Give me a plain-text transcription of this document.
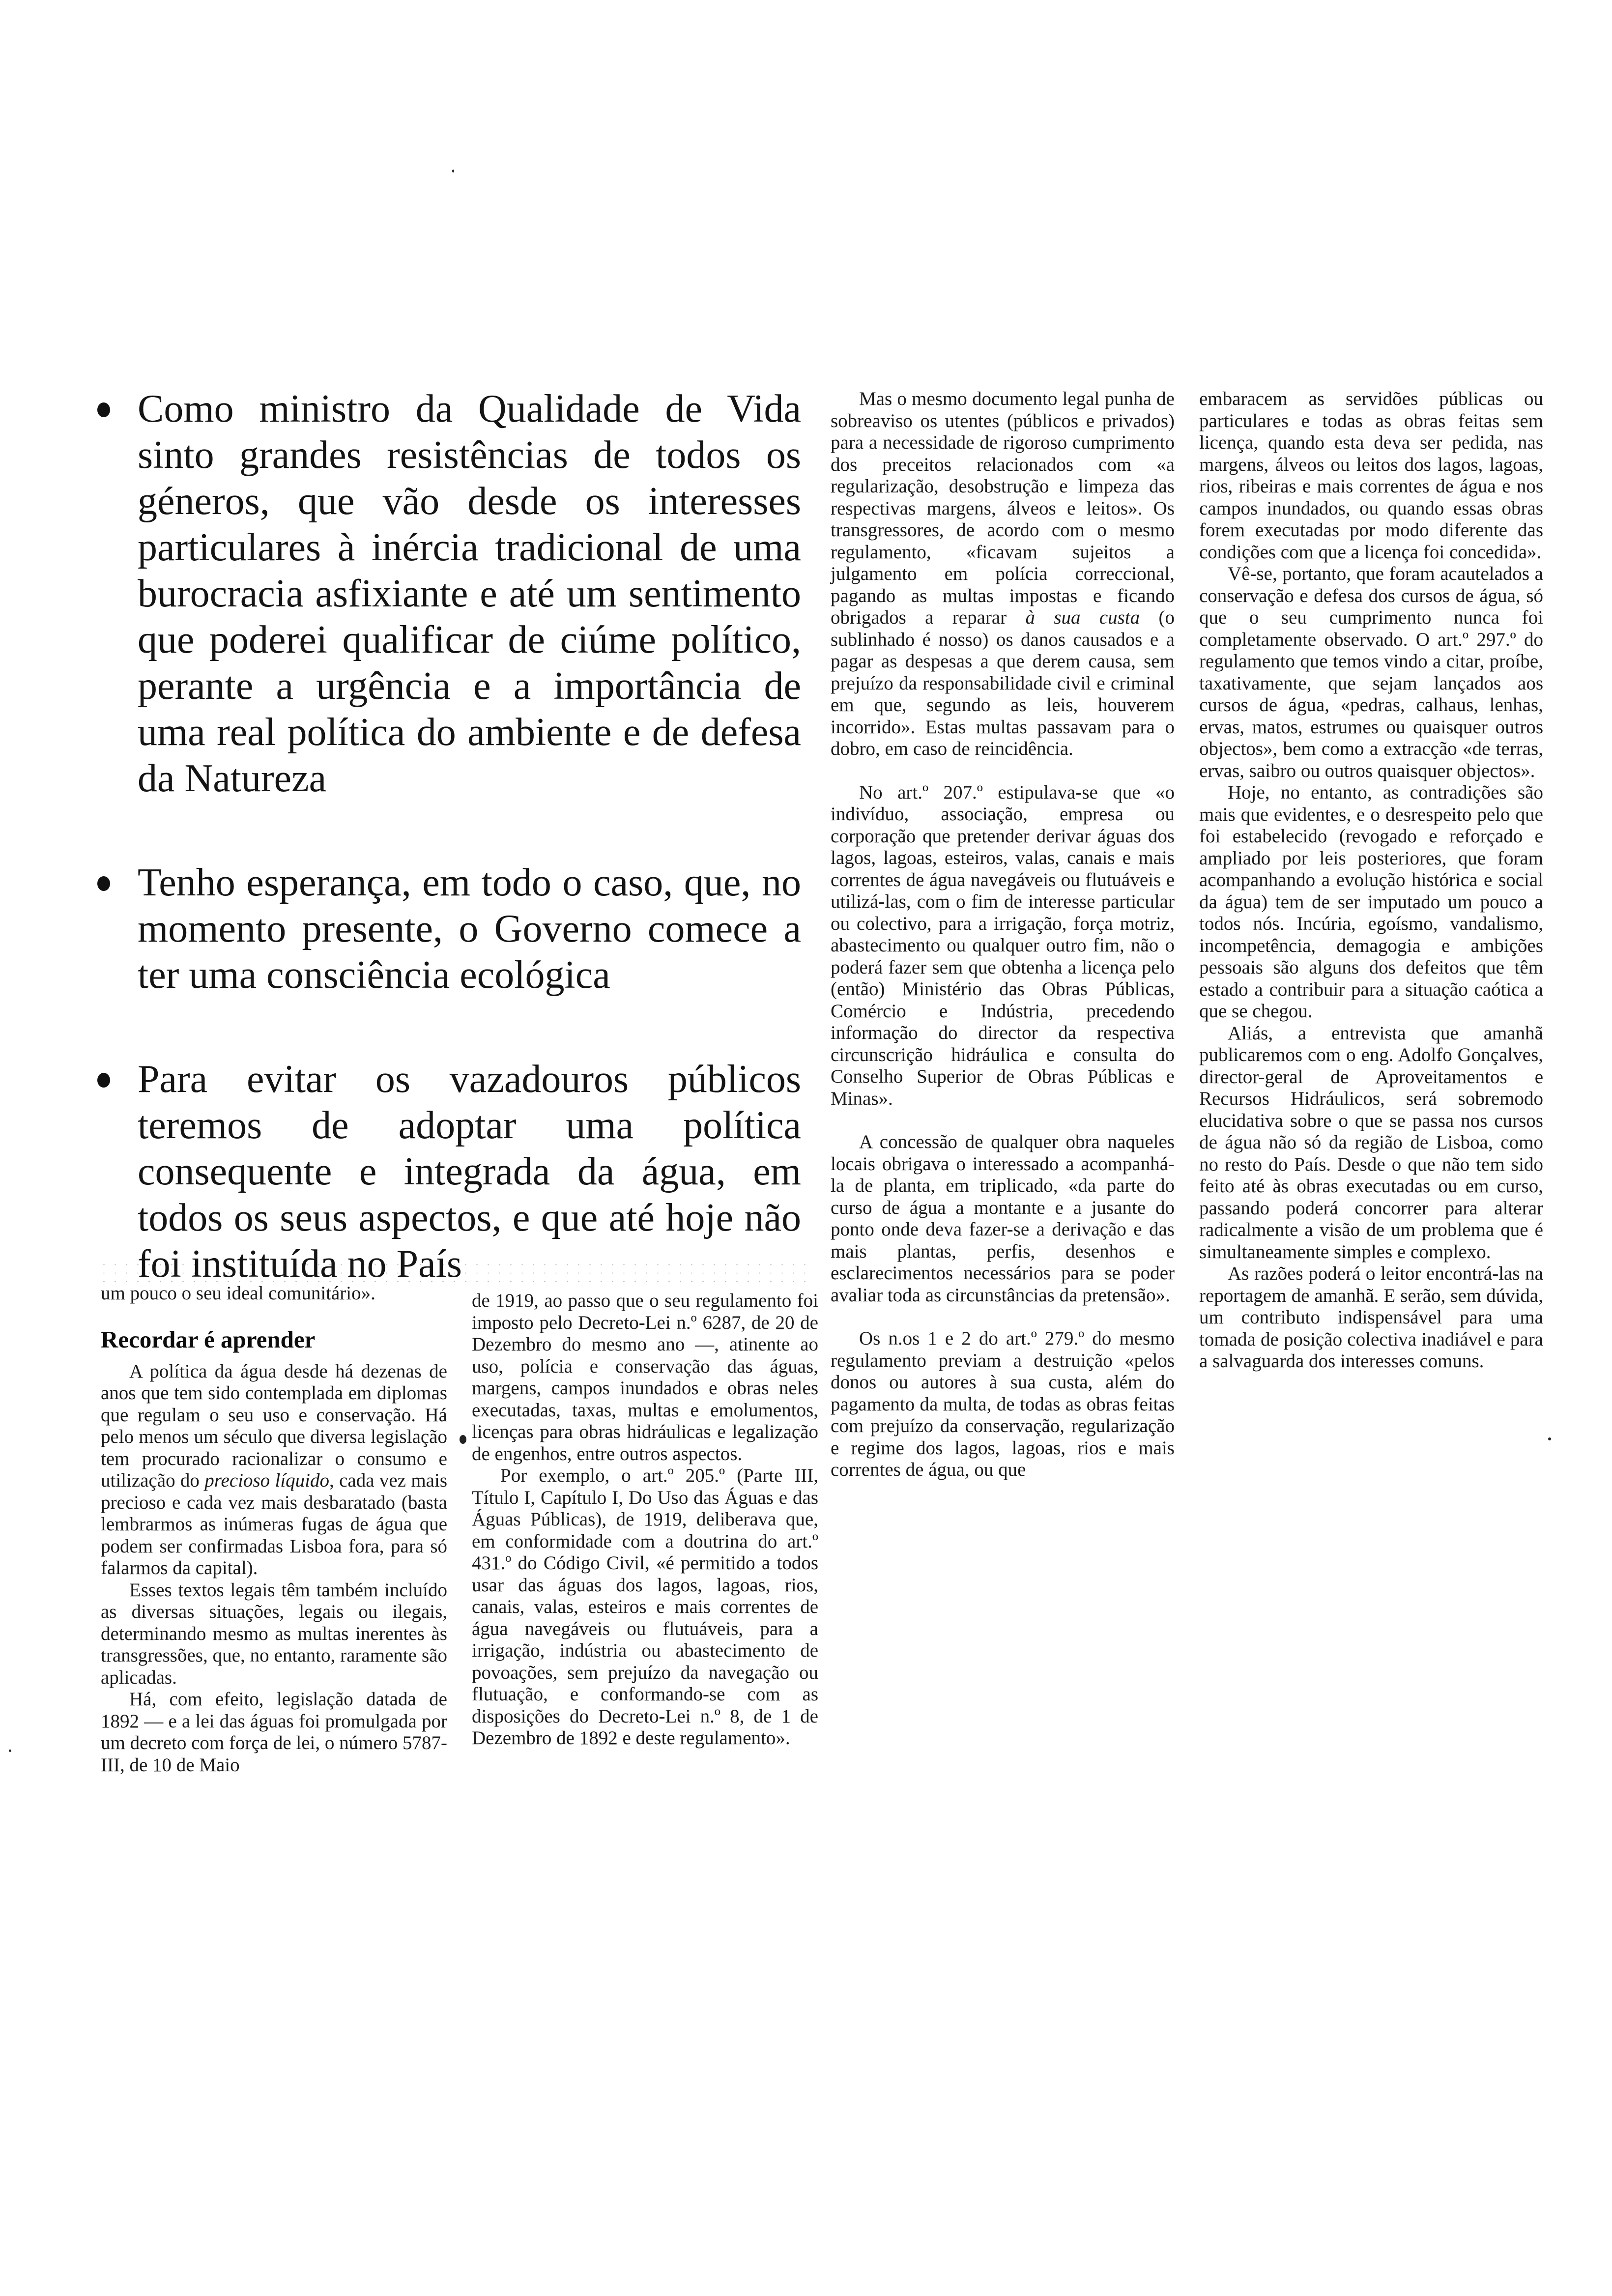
Como ministro da Qualidade de Vida sinto grandes resistências de todos os géneros, que vão desde os interesses particulares à inércia tradicional de uma burocracia asfixiante e até um sentimento que poderei qualificar de ciúme político, perante a urgência e a importância de uma real política do ambiente e de defesa da Natureza
Tenho esperança, em todo o caso, que, no momento presente, o Governo comece a ter uma consciência ecológica
Para evitar os vazadouros públicos teremos de adoptar uma política consequente e integrada da água, em todos os seus aspectos, e que até hoje não foi instituída no País

um pouco o seu ideal comunitário».

Recordar é aprender

A política da água desde há dezenas de anos que tem sido contemplada em diplomas que regulam o seu uso e conservação. Há pelo menos um século que diversa legislação tem procurado racionalizar o consumo e utilização do precioso líquido, cada vez mais precioso e cada vez mais desbaratado (basta lembrarmos as inúmeras fugas de água que podem ser confirmadas Lisboa fora, para só falarmos da capital).

Esses textos legais têm também incluído as diversas situações, legais ou ilegais, determinando mesmo as multas inerentes às transgressões, que, no entanto, raramente são aplicadas.

Há, com efeito, legislação datada de 1892 — e a lei das águas foi promulgada por um decreto com força de lei, o número 5787-III, de 10 de Maio

de 1919, ao passo que o seu regulamento foi imposto pelo Decreto-Lei n.º 6287, de 20 de Dezembro do mesmo ano —, atinente ao uso, polícia e conservação das águas, margens, campos inundados e obras neles executadas, taxas, multas e emolumentos, licenças para obras hidráulicas e legalização de engenhos, entre outros aspectos.

Por exemplo, o art.º 205.º (Parte III, Título I, Capítulo I, Do Uso das Águas e das Águas Públicas), de 1919, deliberava que, em conformidade com a doutrina do art.º 431.º do Código Civil, «é permitido a todos usar das águas dos lagos, lagoas, rios, canais, valas, esteiros e mais correntes de água navegáveis ou flutuáveis, para a irrigação, indústria ou abastecimento de povoações, sem prejuízo da navegação ou flutuação, e conformando-se com as disposições do Decreto-Lei n.º 8, de 1 de Dezembro de 1892 e deste regulamento».

Mas o mesmo documento legal punha de sobreaviso os utentes (públicos e privados) para a necessidade de rigoroso cumprimento dos preceitos relacionados com «a regularização, desobstrução e limpeza das respectivas margens, álveos e leitos». Os transgressores, de acordo com o mesmo regulamento, «ficavam sujeitos a julgamento em polícia correccional, pagando as multas impostas e ficando obrigados a reparar à sua custa (o sublinhado é nosso) os danos causados e a pagar as despesas a que derem causa, sem prejuízo da responsabilidade civil e criminal em que, segundo as leis, houverem incorrido». Estas multas passavam para o dobro, em caso de reincidência.

No art.º 207.º estipulava-se que «o indivíduo, associação, empresa ou corporação que pretender derivar águas dos lagos, lagoas, esteiros, valas, canais e mais correntes de água navegáveis ou flutuáveis e utilizá-las, com o fim de interesse particular ou colectivo, para a irrigação, força motriz, abastecimento ou qualquer outro fim, não o poderá fazer sem que obtenha a licença pelo (então) Ministério das Obras Públicas, Comércio e Indústria, precedendo informação do director da respectiva circunscrição hidráulica e consulta do Conselho Superior de Obras Públicas e Minas».

A concessão de qualquer obra naqueles locais obrigava o interessado a acompanhá-la de planta, em triplicado, «da parte do curso de água a montante e a jusante do ponto onde deva fazer-se a derivação e das mais plantas, perfis, desenhos e esclarecimentos necessários para se poder avaliar toda as circunstâncias da pretensão».

Os n.os 1 e 2 do art.º 279.º do mesmo regulamento previam a destruição «pelos donos ou autores à sua custa, além do pagamento da multa, de todas as obras feitas com prejuízo da conservação, regularização e regime dos lagos, lagoas, rios e mais correntes de água, ou que

embaracem as servidões públicas ou particulares e todas as obras feitas sem licença, quando esta deva ser pedida, nas margens, álveos ou leitos dos lagos, lagoas, rios, ribeiras e mais correntes de água e nos campos inundados, ou quando essas obras forem executadas por modo diferente das condições com que a licença foi concedida».

Vê-se, portanto, que foram acautelados a conservação e defesa dos cursos de água, só que o seu cumprimento nunca foi completamente observado. O art.º 297.º do regulamento que temos vindo a citar, proíbe, taxativamente, que sejam lançados aos cursos de água, «pedras, calhaus, lenhas, ervas, matos, estrumes ou quaisquer outros objectos», bem como a extracção «de terras, ervas, saibro ou outros quaisquer objectos».

Hoje, no entanto, as contradições são mais que evidentes, e o desrespeito pelo que foi estabelecido (revogado e reforçado e ampliado por leis posteriores, que foram acompanhando a evolução histórica e social da água) tem de ser imputado um pouco a todos nós. Incúria, egoísmo, vandalismo, incompetência, demagogia e ambições pessoais são alguns dos defeitos que têm estado a contribuir para a situação caótica a que se chegou.

Aliás, a entrevista que amanhã publicaremos com o eng. Adolfo Gonçalves, director-geral de Aproveitamentos e Recursos Hidráulicos, será sobremodo elucidativa sobre o que se passa nos cursos de água não só da região de Lisboa, como no resto do País. Desde o que não tem sido feito até às obras executadas ou em curso, passando poderá concorrer para alterar radicalmente a visão de um problema que é simultaneamente simples e complexo.

As razões poderá o leitor encontrá-las na reportagem de amanhã. E serão, sem dúvida, um contributo indispensável para uma tomada de posição colectiva inadiável e para a salvaguarda dos interesses comuns.
